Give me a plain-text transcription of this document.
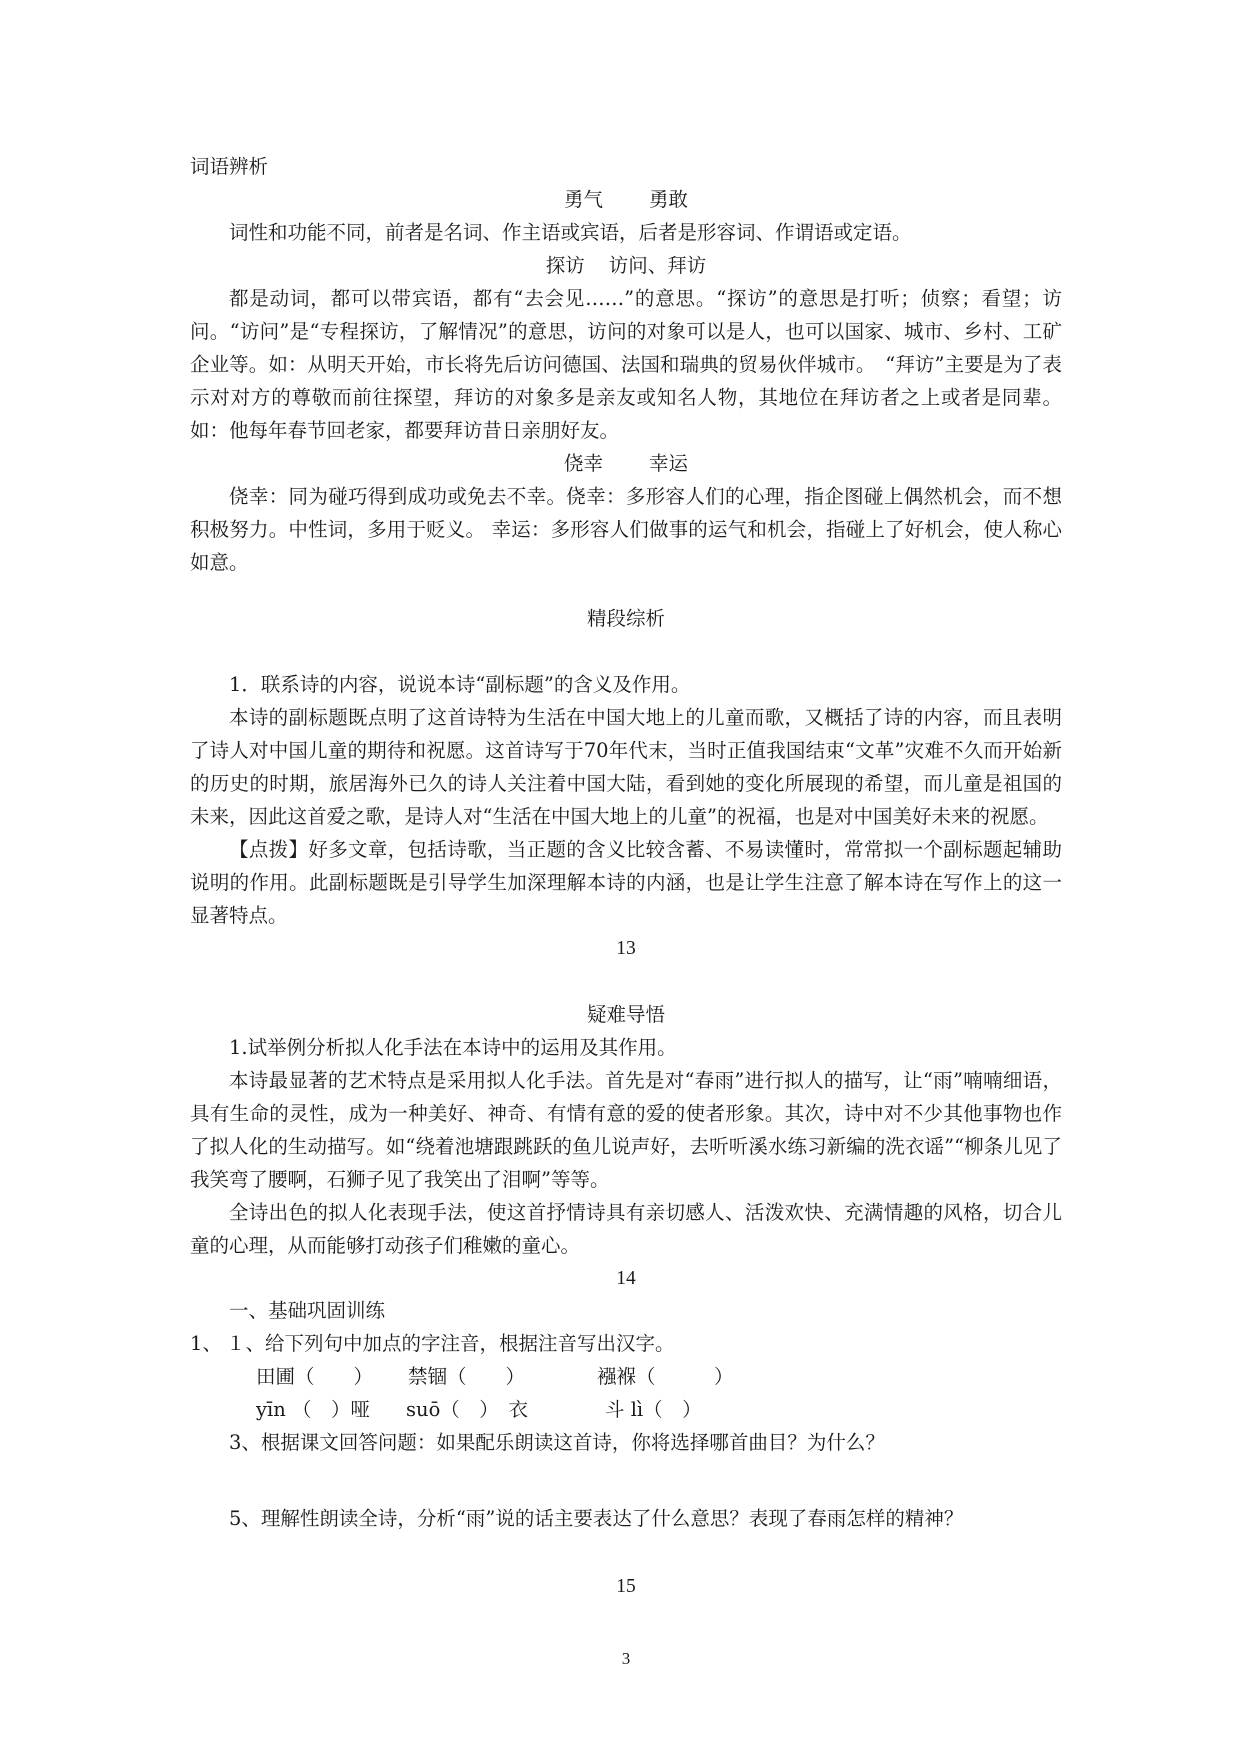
词语辨析

勇气 勇敢

词性和功能不同，前者是名词、作主语或宾语，后者是形容词、作谓语或定语。

探访 访问、拜访

都是动词，都可以带宾语，都有“去会见……”的意思。“探访”的意思是打听；侦察；看望；访问。“访问”是“专程探访，了解情况”的意思，访问的对象可以是人，也可以国家、城市、乡村、工矿企业等。如：从明天开始，市长将先后访问德国、法国和瑞典的贸易伙伴城市。　“拜访”主要是为了表示对对方的尊敬而前往探望，拜访的对象多是亲友或知名人物，其地位在拜访者之上或者是同辈。如：他每年春节回老家，都要拜访昔日亲朋好友。

侥幸 幸运

侥幸：同为碰巧得到成功或免去不幸。侥幸：多形容人们的心理，指企图碰上偶然机会，而不想积极努力。中性词，多用于贬义。 幸运：多形容人们做事的运气和机会，指碰上了好机会，使人称心如意。

精段综析

1．联系诗的内容，说说本诗“副标题”的含义及作用。

本诗的副标题既点明了这首诗特为生活在中国大地上的儿童而歌，又概括了诗的内容，而且表明了诗人对中国儿童的期待和祝愿。这首诗写于70年代末，当时正值我国结束“文革”灾难不久而开始新的历史的时期，旅居海外已久的诗人关注着中国大陆，看到她的变化所展现的希望，而儿童是祖国的未来，因此这首爱之歌，是诗人对“生活在中国大地上的儿童”的祝福，也是对中国美好未来的祝愿。

【点拨】好多文章，包括诗歌，当正题的含义比较含蓄、不易读懂时，常常拟一个副标题起辅助说明的作用。此副标题既是引导学生加深理解本诗的内涵，也是让学生注意了解本诗在写作上的这一显著特点。

13

疑难导悟

1.试举例分析拟人化手法在本诗中的运用及其作用。

本诗最显著的艺术特点是采用拟人化手法。首先是对“春雨”进行拟人的描写，让“雨”喃喃细语，具有生命的灵性，成为一种美好、神奇、有情有意的爱的使者形象。其次，诗中对不少其他事物也作了拟人化的生动描写。如“绕着池塘跟跳跃的鱼儿说声好，去听听溪水练习新编的洗衣谣”“柳条儿见了我笑弯了腰啊，石狮子见了我笑出了泪啊”等等。

全诗出色的拟人化表现手法，使这首抒情诗具有亲切感人、活泼欢快、充满情趣的风格，切合儿童的心理，从而能够打动孩子们稚嫩的童心。

14

一、基础巩固训练

1、 １、给下列句中加点的字注音，根据注音写出汉字。
田圃（　　） 禁锢（　　）	襁褓（　　　）
yīn （　）哑 suō（　）　衣	斗 lì（　）

3、根据课文回答问题：如果配乐朗读这首诗，你将选择哪首曲目？为什么？

5、理解性朗读全诗，分析“雨”说的话主要表达了什么意思？表现了春雨怎样的精神？

15

3
